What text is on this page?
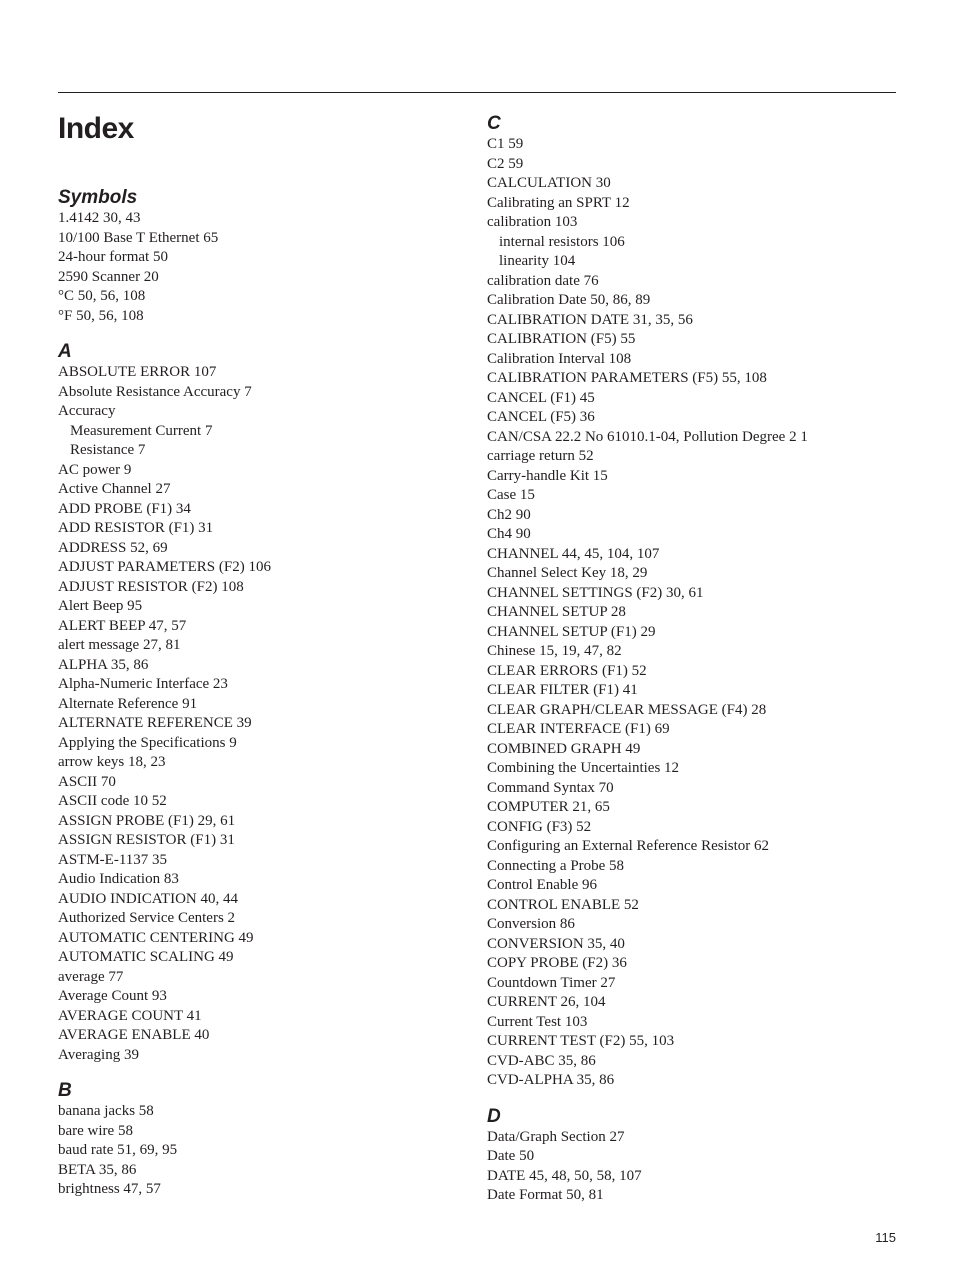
Index
Symbols
1.4142 30, 43
10/100 Base T Ethernet 65
24-hour format 50
2590 Scanner 20
°C 50, 56, 108
°F 50, 56, 108
A
ABSOLUTE ERROR 107
Absolute Resistance Accuracy 7
Accuracy
Measurement Current 7
Resistance 7
AC power 9
Active Channel 27
ADD PROBE (F1) 34
ADD RESISTOR (F1) 31
ADDRESS 52, 69
ADJUST PARAMETERS (F2) 106
ADJUST RESISTOR (F2) 108
Alert Beep 95
ALERT BEEP 47, 57
alert message 27, 81
ALPHA 35, 86
Alpha-Numeric Interface 23
Alternate Reference 91
ALTERNATE REFERENCE 39
Applying the Specifications 9
arrow keys 18, 23
ASCII 70
ASCII code 10 52
ASSIGN PROBE (F1) 29, 61
ASSIGN RESISTOR (F1) 31
ASTM-E-1137 35
Audio Indication 83
AUDIO INDICATION 40, 44
Authorized Service Centers 2
AUTOMATIC CENTERING 49
AUTOMATIC SCALING 49
average 77
Average Count 93
AVERAGE COUNT 41
AVERAGE ENABLE 40
Averaging 39
B
banana jacks 58
bare wire 58
baud rate 51, 69, 95
BETA 35, 86
brightness 47, 57
C
C1 59
C2 59
CALCULATION 30
Calibrating an SPRT 12
calibration 103
internal resistors 106
linearity 104
calibration date 76
Calibration Date 50, 86, 89
CALIBRATION DATE 31, 35, 56
CALIBRATION (F5) 55
Calibration Interval 108
CALIBRATION PARAMETERS (F5) 55, 108
CANCEL (F1) 45
CANCEL (F5) 36
CAN/CSA 22.2 No 61010.1-04, Pollution Degree 2 1
carriage return 52
Carry-handle Kit 15
Case 15
Ch2 90
Ch4 90
CHANNEL 44, 45, 104, 107
Channel Select Key 18, 29
CHANNEL SETTINGS (F2) 30, 61
CHANNEL SETUP 28
CHANNEL SETUP (F1) 29
Chinese 15, 19, 47, 82
CLEAR ERRORS (F1) 52
CLEAR FILTER (F1) 41
CLEAR GRAPH/CLEAR MESSAGE (F4) 28
CLEAR INTERFACE (F1) 69
COMBINED GRAPH 49
Combining the Uncertainties 12
Command Syntax 70
COMPUTER 21, 65
CONFIG (F3) 52
Configuring an External Reference Resistor 62
Connecting a Probe 58
Control Enable 96
CONTROL ENABLE 52
Conversion 86
CONVERSION 35, 40
COPY PROBE (F2) 36
Countdown Timer 27
CURRENT 26, 104
Current Test 103
CURRENT TEST (F2) 55, 103
CVD-ABC 35, 86
CVD-ALPHA 35, 86
D
Data/Graph Section 27
Date 50
DATE 45, 48, 50, 58, 107
Date Format 50, 81
115
